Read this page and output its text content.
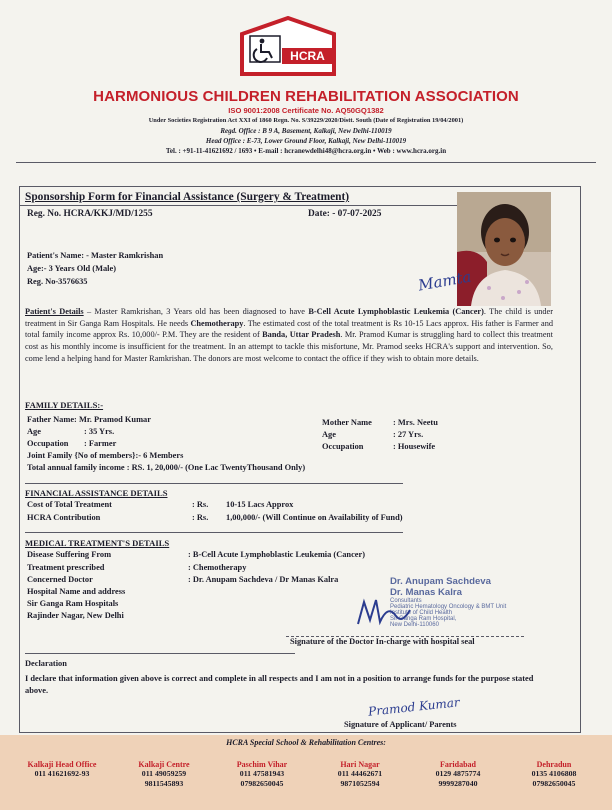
HCRA
HARMONIOUS CHILDREN REHABILITATION ASSOCIATION
ISO 9001:2008 Certificate No. AQ50GQ1382
Under Societies Registration Act XXI of 1860 Regn. No. S/39229/2020/Distt. South (Date of Registration 19/04/2001)
Regd. Office : B 9 A, Basement, Kalkaji, New Delhi-110019
Head Office : E-73, Lower Ground Floor, Kalkaji, New Delhi-110019
Tel. : +91-11-41621692 / 1693 • E-mail : hcranewdelhi48@hcra.org.in • Web : www.hcra.org.in
Sponsorship Form for Financial Assistance (Surgery & Treatment)
Reg. No. HCRA/KKJ/MD/1255	Date: - 07-07-2025
Patient's Name: - Master Ramkrishan
Age:- 3 Years Old (Male)
Reg. No-3576635	Mamta
Patient's Details – Master Ramkrishan, 3 Years old has been diagnosed to have B-Cell Acute Lymphoblastic Leukemia (Cancer). The child is under treatment in Sir Ganga Ram Hospitals. He needs Chemotherapy. The estimated cost of the total treatment is Rs 10-15 Lacs approx. His father is Farmer and total family income approx Rs. 10,000/- P.M. They are the resident of Banda, Uttar Pradesh. Mr. Pramod Kumar is struggling hard to collect this treatment cost as his monthly income is insufficient for the treatment. In an attempt to tackle this misfortune, Mr. Pramod seeks HCRA's support and intervention. So, come lend a helping hand for Master Ramkrishan. The donors are most welcome to contact the office if they wish to obtain more details.
FAMILY DETAILS:-
Father Name: Mr. Pramod Kumar
Age	: 35 Yrs.
Occupation : Farmer
Mother Name	: Mrs. Neetu
Age	: 27 Yrs.
Occupation	: Housewife
Joint Family {No of members}:- 6 Members
Total annual family income : RS. 1, 20,000/- (One Lac TwentyThousand Only)
FINANCIAL ASSISTANCE DETAILS
Cost of Total Treatment	: Rs. 10-15 Lacs Approx
HCRA Contribution	: Rs. 1,00,000/- (Will Continue on Availability of Fund)
MEDICAL TREATMENT'S DETAILS
Disease Suffering From	: B-Cell Acute Lymphoblastic Leukemia (Cancer)
Treatment prescribed	: Chemotherapy
Concerned Doctor	: Dr. Anupam Sachdeva / Dr Manas Kalra
Hospital Name and address
Sir Ganga Ram Hospitals
Rajinder Nagar, New Delhi
Dr. Anupam Sachdeva
Dr. Manas Kalra
Consultants
Pediatric Hematology Oncology & BMT Unit
Institute of Child Health
Sir Ganga Ram Hospital,
New Delhi-110060
Signature of the Doctor In-charge with hospital seal
Declaration
I declare that information given above is correct and complete in all respects and I am not in a position to arrange funds for the purpose stated above.
Pramod Kumar
Signature of Applicant/ Parents
HCRA Special School & Rehabilitation Centres:
Kalkaji Head Office
011 41621692-93
Kalkaji Centre
011 49059259
9811545893
Paschim Vihar
011 47581943
07982650045
Hari Nagar
011 44462671
9871052594
Faridabad
0129 4875774
9999287040
Dehradun
0135 4106808
07982650045
